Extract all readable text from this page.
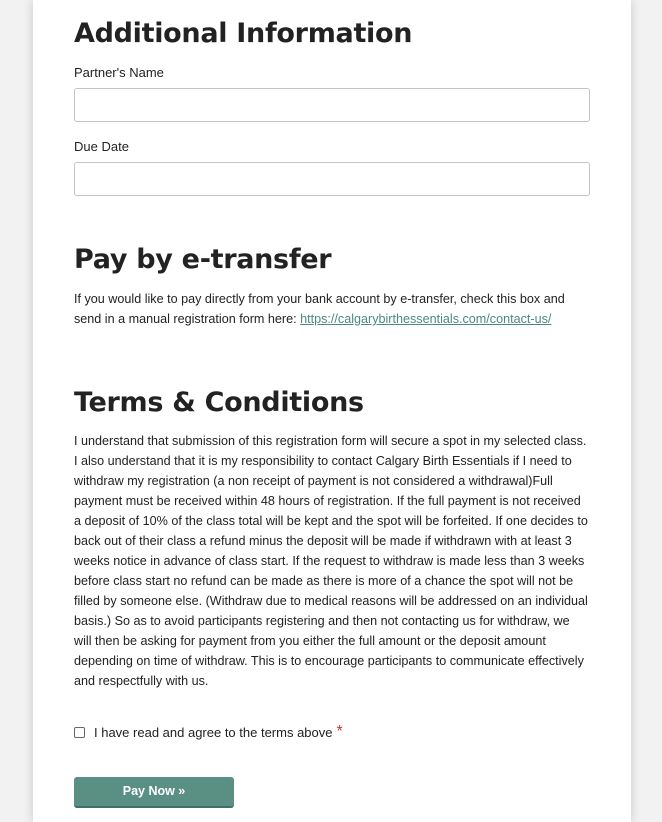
Additional Information

Partner's Name

Due Date

Pay by e-transfer

If you would like to pay directly from your bank account by e-transfer, check this box and send in a manual registration form here: https://calgarybirthessentials.com/contact-us/

Terms & Conditions

I understand that submission of this registration form will secure a spot in my selected class. I also understand that it is my responsibility to contact Calgary Birth Essentials if I need to withdraw my registration (a non receipt of payment is not considered a withdrawal)Full payment must be received within 48 hours of registration. If the full payment is not received a deposit of 10% of the class total will be kept and the spot will be forfeited. If one decides to back out of their class a refund minus the deposit will be made if withdrawn with at least 3 weeks notice in advance of class start. If the request to withdraw is made less than 3 weeks before class start no refund can be made as there is more of a chance the spot will not be filled by someone else. (Withdraw due to medical reasons will be addressed on an individual basis.) So as to avoid participants registering and then not contacting us for withdraw, we will then be asking for payment from you either the full amount or the deposit amount depending on time of withdraw. This is to encourage participants to communicate effectively and respectfully with us.

I have read and agree to the terms above *
Pay Now »
